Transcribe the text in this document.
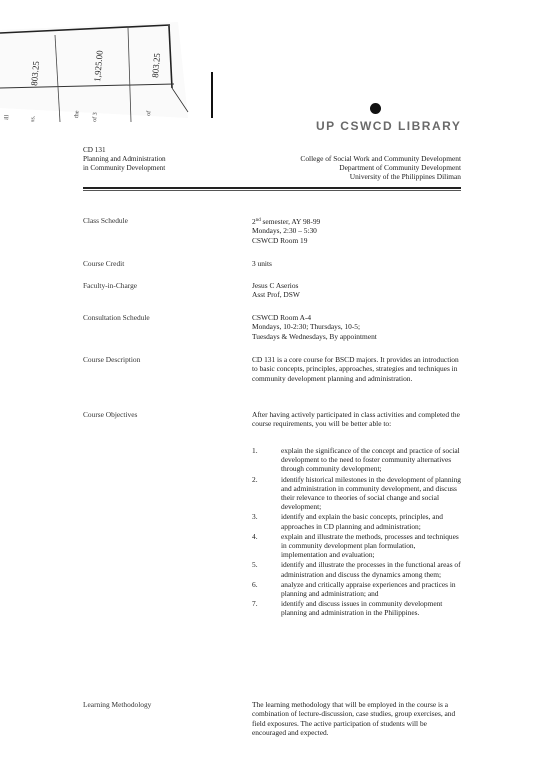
803.25	1,925.00	803.25
ill	ss.
the of 3	of
UP CSWCD LIBRARY
CD 131
Planning and Administration
in Community Development
College of Social Work and Community Development
Department of Community Development
University of the Philippines Diliman
Class Schedule	2nd semester, AY 98-99
Mondays, 2:30 – 5:30
CSWCD Room 19
Course Credit	3 units
Faculty-in-Charge	Jesus C Aserios
Asst Prof, DSW
Consultation Schedule	CSWCD Room A-4
Mondays, 10-2:30; Thursdays, 10-5;
Tuesdays & Wednesdays, By appointment
Course Description	CD 131 is a core course for BSCD majors. It provides an introduction to basic concepts, principles, approaches, strategies and techniques in community development planning and administration.
Course Objectives	After having actively participated in class activities and completed the course requirements, you will be better able to:
1.	explain the significance of the concept and practice of social development to the need to foster community alternatives through community development;
2.	identify historical milestones in the development of planning and administration in community development, and discuss their relevance to theories of social change and social development;
3.	identify and explain the basic concepts, principles, and approaches in CD planning and administration;
4.	explain and illustrate the methods, processes and techniques in community development plan formulation, implementation and evaluation;
5.	identify and illustrate the processes in the functional areas of administration and discuss the dynamics among them;
6.	analyze and critically appraise experiences and practices in planning and administration; and
7.	identify and discuss issues in community development planning and administration in the Philippines.
Learning Methodology	The learning methodology that will be employed in the course is a combination of lecture-discussion, case studies, group exercises, and field exposures. The active participation of students will be encouraged and expected.
